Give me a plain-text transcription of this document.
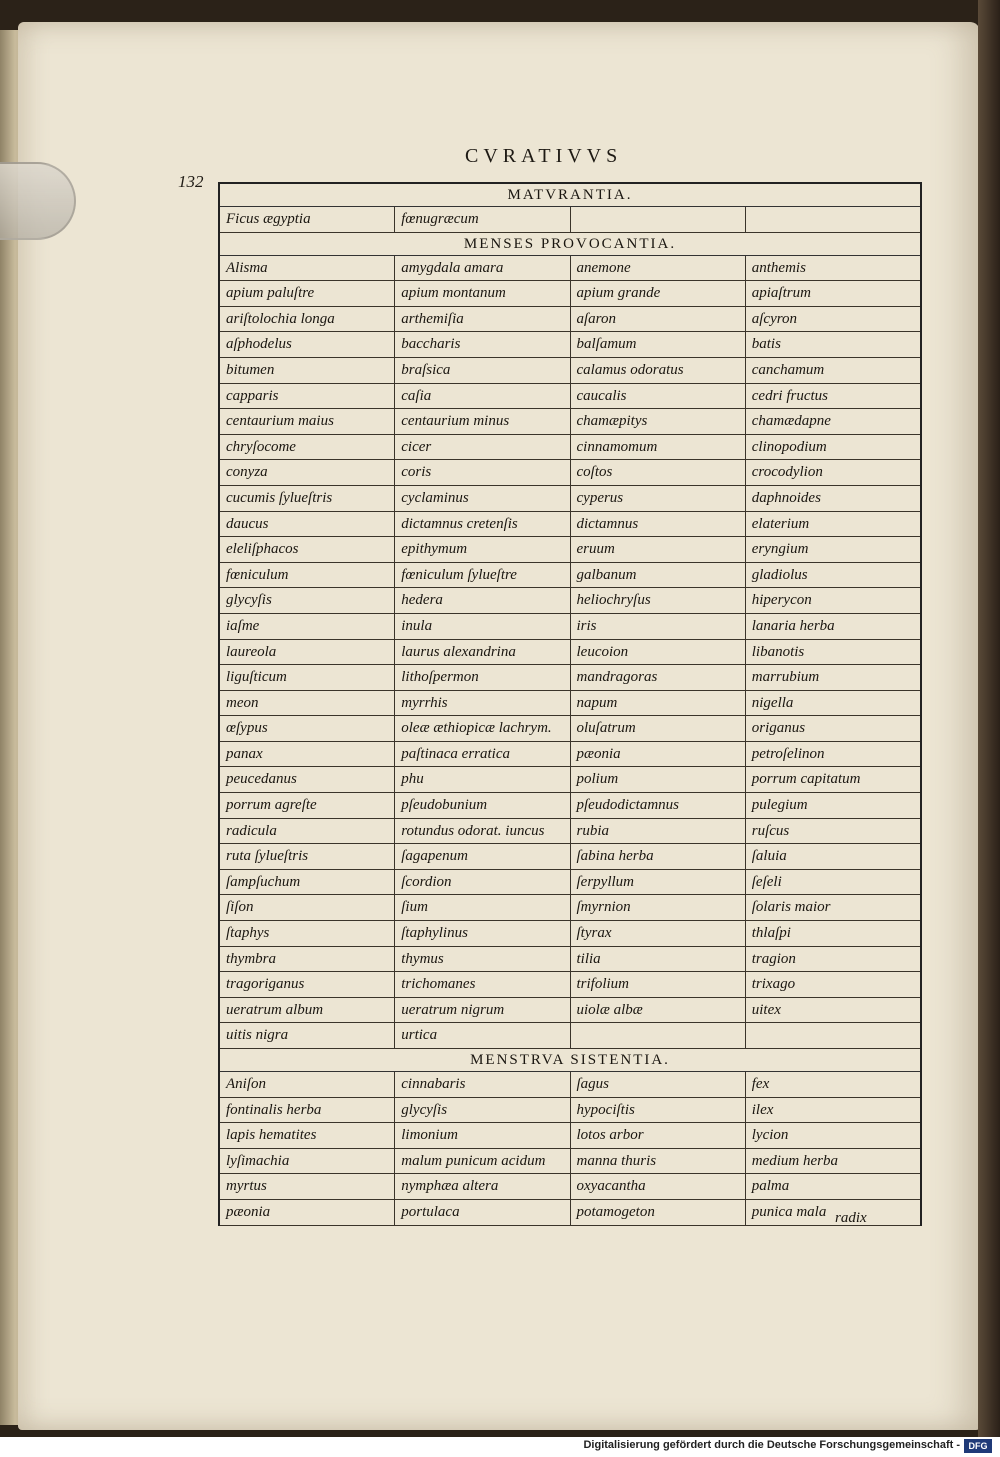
CVRATIVVS
132
MATVRANTIA.
Ficus ægyptia	fœnugræcum
MENSES PROVOCANTIA.
Alisma	amygdala amara	anemone	anthemis
apium paluſtre	apium montanum	apium grande	apiaſtrum
ariſtolochia longa	arthemiſia	aſaron	aſcyron
aſphodelus	baccharis	balſamum	batis
bitumen	braſsica	calamus odoratus	canchamum
capparis	caſia	caucalis	cedri fructus
centaurium maius	centaurium minus	chamæpitys	chamædapne
chryſocome	cicer	cinnamomum	clinopodium
conyza	coris	coſtos	crocodylion
cucumis ſylueſtris	cyclaminus	cyperus	daphnoides
daucus	dictamnus cretenſis	dictamnus	elaterium
eleliſphacos	epithymum	eruum	eryngium
fœniculum	fœniculum ſylueſtre	galbanum	gladiolus
glycyſis	hedera	heliochryſus	hiperycon
iaſme	inula	iris	lanaria herba
laureola	laurus alexandrina	leucoion	libanotis
liguſticum	lithoſpermon	mandragoras	marrubium
meon	myrrhis	napum	nigella
œſypus	oleæ æthiopicæ lachrym.	oluſatrum	origanus
panax	paſtinaca erratica	pæonia	petroſelinon
peucedanus	phu	polium	porrum capitatum
porrum agreſte	pſeudobunium	pſeudodictamnus	pulegium
radicula	rotundus odorat. iuncus	rubia	ruſcus
ruta ſylueſtris	ſagapenum	ſabina herba	ſaluia
ſampſuchum	ſcordion	ſerpyllum	ſeſeli
ſiſon	ſium	ſmyrnion	ſolaris maior
ſtaphys	ſtaphylinus	ſtyrax	thlaſpi
thymbra	thymus	tilia	tragion
tragoriganus	trichomanes	trifolium	trixago
ueratrum album	ueratrum nigrum	uiolæ albæ	uitex
uitis nigra	urtica
MENSTRVA SISTENTIA.
Aniſon	cinnabaris	ſagus	fex
fontinalis herba	glycyſis	hypociſtis	ilex
lapis hematites	limonium	lotos arbor	lycion
lyſimachia	malum punicum acidum	manna thuris	medium herba
myrtus	nymphæa altera	oxyacantha	palma
pæonia	portulaca	potamogeton	punica mala radix
Digitalisierung gefördert durch die Deutsche Forschungsgemeinschaft - DFG
